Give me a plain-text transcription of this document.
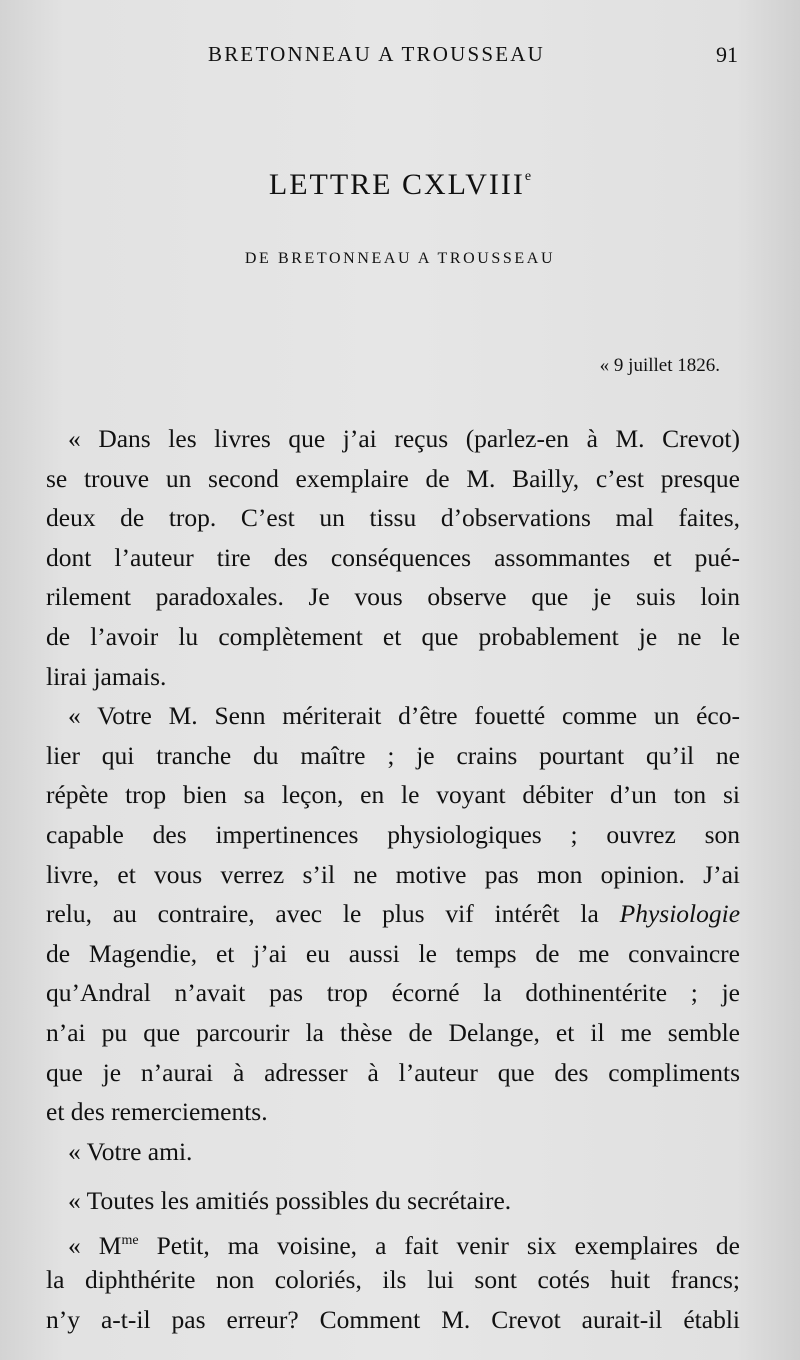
BRETONNEAU A TROUSSEAU	91
LETTRE CXLVIIIe
DE BRETONNEAU A TROUSSEAU
« 9 juillet 1826.
« Dans les livres que j’ai reçus (parlez-en à M. Crevot)
se trouve un second exemplaire de M. Bailly, c’est presque
deux de trop. C’est un tissu d’observations mal faites,
dont l’auteur tire des conséquences assommantes et pué-
rilement paradoxales. Je vous observe que je suis loin
de l’avoir lu complètement et que probablement je ne le
lirai jamais.
« Votre M. Senn mériterait d’être fouetté comme un éco-
lier qui tranche du maître ; je crains pourtant qu’il ne
répète trop bien sa leçon, en le voyant débiter d’un ton si
capable des impertinences physiologiques ; ouvrez son
livre, et vous verrez s’il ne motive pas mon opinion. J’ai
relu, au contraire, avec le plus vif intérêt la Physiologie
de Magendie, et j’ai eu aussi le temps de me convaincre
qu’Andral n’avait pas trop écorné la dothinentérite ; je
n’ai pu que parcourir la thèse de Delange, et il me semble
que je n’aurai à adresser à l’auteur que des compliments
et des remerciements.
« Votre ami.
« Toutes les amitiés possibles du secrétaire.
« $M^{me}$ Petit, ma voisine, a fait venir six exemplaires de
la diphthérite non coloriés, ils lui sont cotés huit francs;
n’y a-t-il pas erreur? Comment M. Crevot aurait-il établi
